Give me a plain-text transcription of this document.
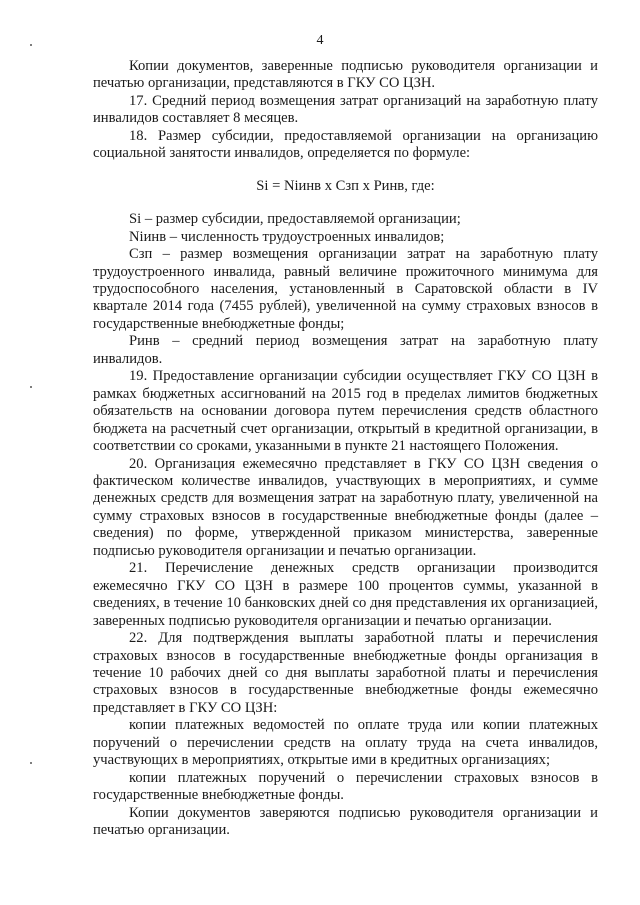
4

Копии документов, заверенные подписью руководителя организации и печатью организации, представляются в ГКУ СО ЦЗН.

17. Средний период возмещения затрат организаций на заработную плату инвалидов составляет 8 месяцев.

18. Размер субсидии, предоставляемой организации на организацию социальной занятости инвалидов, определяется по формуле:

Si = Niинв х Сзп х Ринв, где:

Si – размер субсидии, предоставляемой организации;

Niинв – численность трудоустроенных инвалидов;

Сзп – размер возмещения организации затрат на заработную плату трудоустроенного инвалида, равный величине прожиточного минимума для трудоспособного населения, установленный в Саратовской области в IV квартале 2014 года (7455 рублей), увеличенной на сумму страховых взносов в государственные внебюджетные фонды;

Ринв – средний период возмещения затрат на заработную плату инвалидов.

19. Предоставление организации субсидии осуществляет ГКУ СО ЦЗН в рамках бюджетных ассигнований на 2015 год в пределах лимитов бюджетных обязательств на основании договора путем перечисления средств областного бюджета на расчетный счет организации, открытый в кредитной организации, в соответствии со сроками, указанными в пункте 21 настоящего Положения.

20. Организация ежемесячно представляет в ГКУ СО ЦЗН сведения о фактическом количестве инвалидов, участвующих в мероприятиях, и сумме денежных средств для возмещения затрат на заработную плату, увеличенной на сумму страховых взносов в государственные внебюджетные фонды (далее – сведения) по форме, утвержденной приказом министерства, заверенные подписью руководителя организации и печатью организации.

21. Перечисление денежных средств организации производится ежемесячно ГКУ СО ЦЗН в размере 100 процентов суммы, указанной в сведениях, в течение 10 банковских дней со дня представления их организацией, заверенных подписью руководителя организации и печатью организации.

22. Для подтверждения выплаты заработной платы и перечисления страховых взносов в государственные внебюджетные фонды организация в течение 10 рабочих дней со дня выплаты заработной платы и перечисления страховых взносов в государственные внебюджетные фонды ежемесячно представляет в ГКУ СО ЦЗН:

копии платежных ведомостей по оплате труда или копии платежных поручений о перечислении средств на оплату труда на счета инвалидов, участвующих в мероприятиях, открытые ими в кредитных организациях;

копии платежных поручений о перечислении страховых взносов в государственные внебюджетные фонды.

Копии документов заверяются подписью руководителя организации и печатью организации.
